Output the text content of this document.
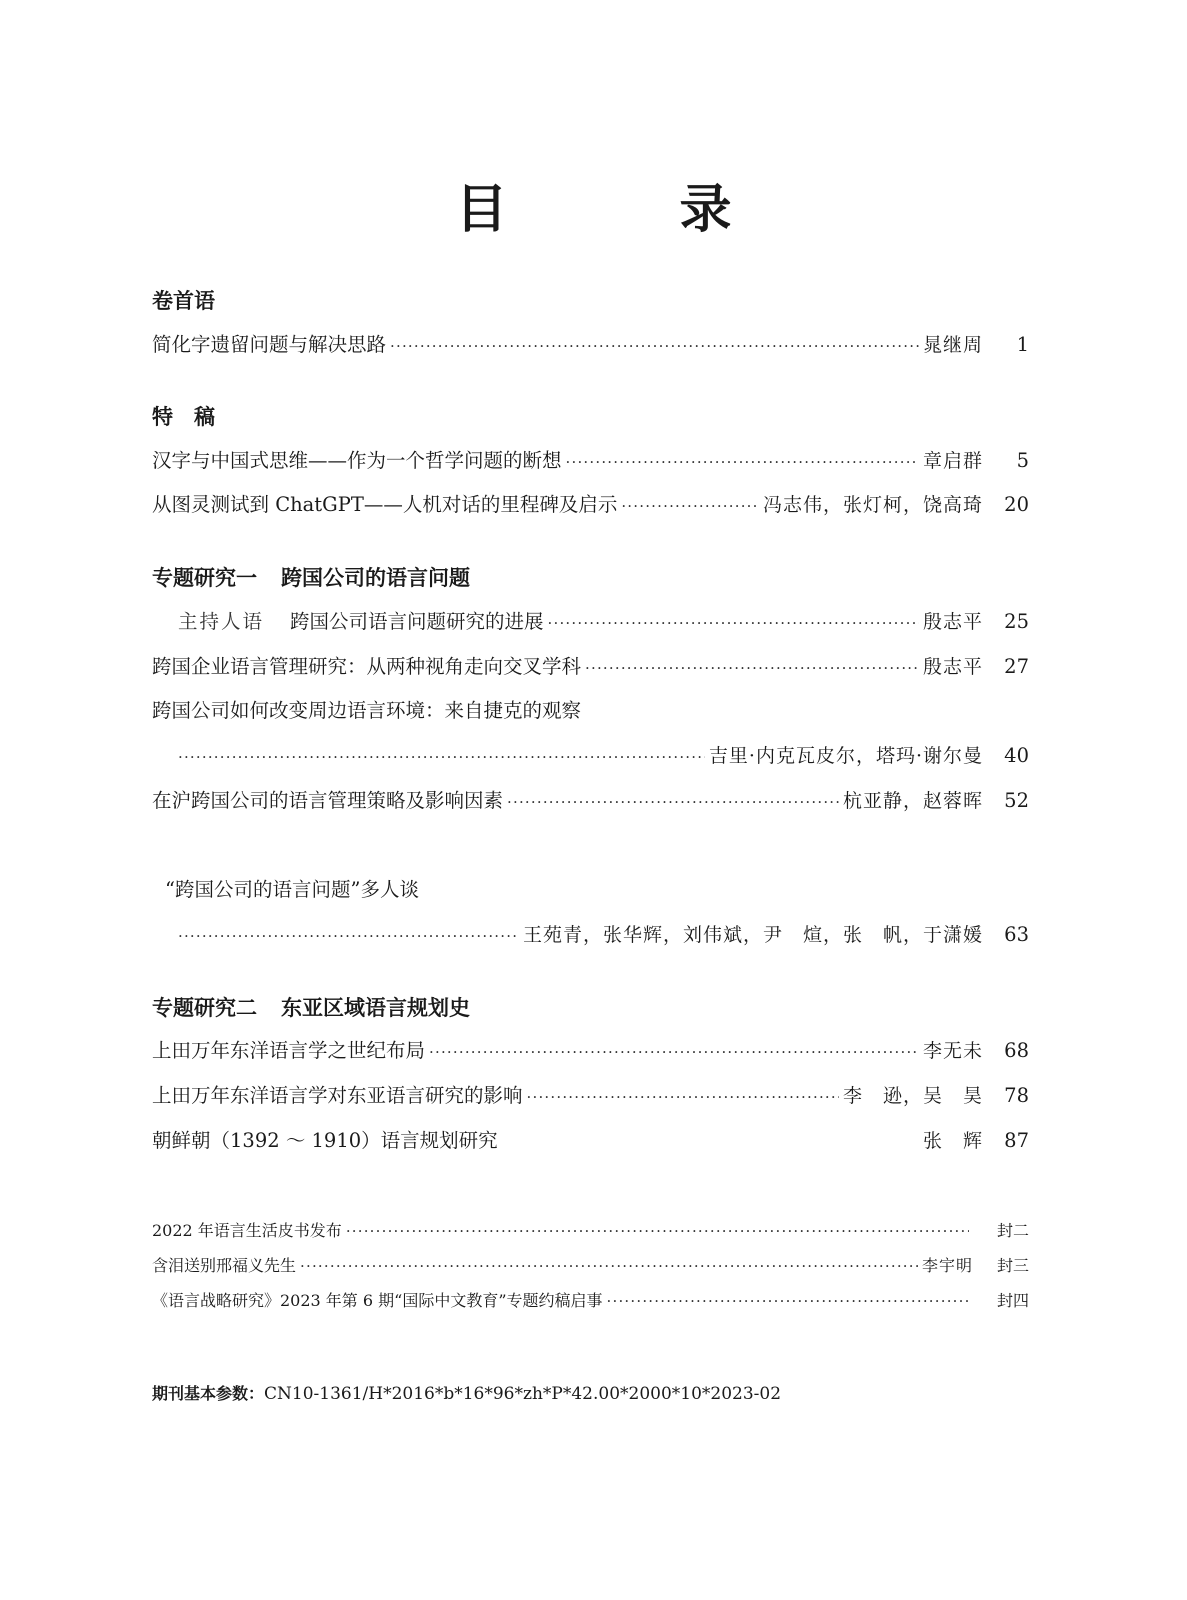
目　录
卷首语
简化字遗留问题与解决思路 ·····	晁继周	1
特　稿
汉字与中国式思维——作为一个哲学问题的断想 ·····	章启群	5
从图灵测试到 ChatGPT——人机对话的里程碑及启示 ·····	冯志伟，张灯柯，饶高琦	20
专题研究一 跨国公司的语言问题
主持人语 跨国公司语言问题研究的进展 ·····	殷志平	25
跨国企业语言管理研究：从两种视角走向交叉学科 ·····	殷志平	27
跨国公司如何改变周边语言环境：来自捷克的观察
·····
吉里·内克瓦皮尔，塔玛·谢尔曼	40
在沪跨国公司的语言管理策略及影响因素 ·····	杭亚静，赵蓉晖	52
“跨国公司的语言问题”多人谈
·····
王苑青，张华辉，刘伟斌，尹　煊，张　帆，于潇媛	63
专题研究二 东亚区域语言规划史
上田万年东洋语言学之世纪布局 ·····	李无未	68
上田万年东洋语言学对东亚语言研究的影响 ·····	李　逊，吴　昊	78
朝鲜朝（1392 ～ 1910）语言规划研究	张　辉	87
2022 年语言生活皮书发布 ·····	封二
含泪送别邢福义先生 ·····	李宇明	封三
《语言战略研究》2023 年第 6 期“国际中文教育”专题约稿启事 ·····	封四
期刊基本参数：CN10-1361/H*2016*b*16*96*zh*P*42.00*2000*10*2023-02
